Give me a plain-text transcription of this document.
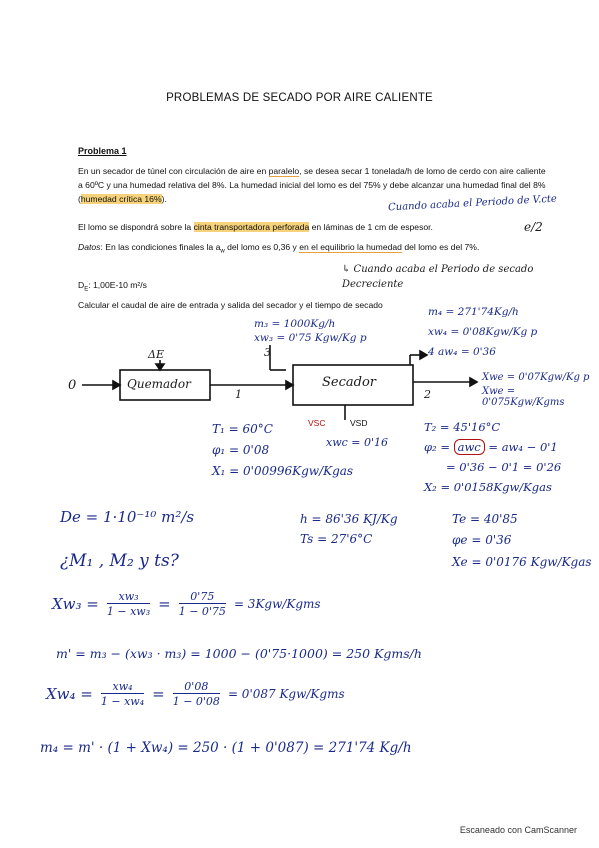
PROBLEMAS DE SECADO POR AIRE CALIENTE
Problema 1
En un secador de túnel con circulación de aire en paralelo, se desea secar 1 tonelada/h de lomo de cerdo con aire caliente a 60ºC y una humedad relativa del 8%. La humedad inicial del lomo es del 75% y debe alcanzar una humedad final del 8% (humedad crítica 16%).
El lomo se dispondrá sobre la cinta transportadora perforada en láminas de 1 cm de espesor.
Datos: En las condiciones finales la $a_w$ del lomo es 0,36 y en el equilibrio la humedad del lomo es del 7%.
$D_E$: 1,00E-10 m²/s
Calcular el caudal de aire de entrada y salida del secador y el tiempo de secado
Cuando acaba el Periodo de V.cte
e/2
↳ Cuando acaba el Periodo de secado Decreciente
m₃ = 1000Kg/h
xw₃ = 0'75 Kgw/Kg p
m₄ = 271'74Kg/h
xw₄ = 0'08Kgw/Kg p
4 aw₄ = 0'36
ΔE
0	Quemador
1
3
Secador
2
VSC	VSD
Xwe = 0'07Kgw/Kg p
Xwe = 0'075Kgw/Kgms
T₁ = 60°C
φ₁ = 0'08
X₁ = 0'00996Kgw/Kgas
xwc = 0'16
T₂ = 45'16°C
φ₂ = awc = aw₄ − 0'1
= 0'36 − 0'1 = 0'26
X₂ = 0'0158Kgw/Kgas
De = 1·10⁻¹⁰ m²/s	h = 86'36 KJ/Kg
Ts = 27'6°C
Te = 40'85
φe = 0'36
Xe = 0'0176 Kgw/Kgas
¿M₁ , M₂ y ts?
$Xw_3 = \frac{\text{xw₃}}{\text{1 − xw₃}} = \frac{0'75}{1 - 0'75}$ = 3Kgw/Kgms
m' = m₃ − (xw₃ · m₃) = 1000 − (0'75·1000) = 250 Kgms/h
$Xw_4 = \frac{\text{xw₄}}{\text{1 − xw₄}} = \frac{0'08}{1 - 0'08} = 0'087$ Kgw/Kgms
m₄ = m' · (1 + Xw₄) = 250 · (1 + 0'087) = 271'74 Kg/h
Escaneado con CamScanner
